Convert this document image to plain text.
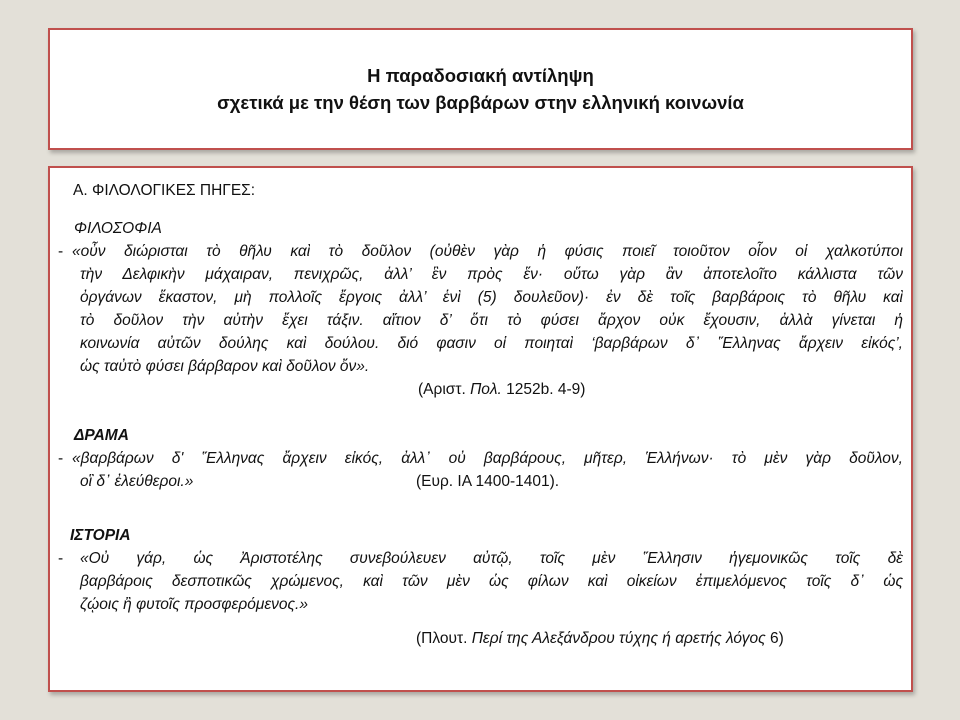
Η παραδοσιακή αντίληψη
σχετικά με την θέση των βαρβάρων στην ελληνική κοινωνία
Α. ΦΙΛΟΛΟΓΙΚΕΣ ΠΗΓΕΣ:
ΦΙΛΟΣΟΦΙΑ
- «οὖν διώρισται τὸ θῆλυ καὶ τὸ δοῦλον (οὐθὲν γὰρ ἡ φύσις ποιεῖ τοιοῦτον οἷον οἱ χαλκοτύποι
τὴν Δελφικὴν μάχαιραν, πενιχρῶς, ἀλλ’ ἓν πρὸς ἕν· οὕτω γὰρ ἂν ἀποτελοῖτο κάλλιστα τῶν
ὀργάνων ἕκαστον, μὴ πολλοῖς ἔργοις ἀλλ’ ἑνὶ (5) δουλεῦον)· ἐν δὲ τοῖς βαρβάροις τὸ θῆλυ καὶ
τὸ δοῦλον τὴν αὐτὴν ἔχει τάξιν. αἴτιον δ’ ὅτι τὸ φύσει ἄρχον οὐκ ἔχουσιν, ἀλλὰ γίνεται ἡ
κοινωνία αὐτῶν δούλης καὶ δούλου. διό φασιν οἱ ποιηταὶ ‘βαρβάρων δ᾽ Ἕλληνας ἄρχειν εἰκός’,
ὡς ταὐτὸ φύσει βάρβαρον καὶ δοῦλον ὄν».
(Αριστ. Πολ. 1252b. 4-9)
ΔΡΑΜΑ
- «βαρβάρων δ' Ἕλληνας ἄρχειν εἰκός, ἀλλ᾽ οὐ βαρβάρους, μῆτερ, Ἑλλήνων· τὸ μὲν γὰρ δοῦλον,
οἳ δ᾽ ἐλεύθεροι.»	(Ευρ. ΙΑ 1400-1401).
ΙΣΤΟΡΙΑ
- «Οὐ γάρ, ὡς Ἀριστοτέλης συνεβούλευεν αὐτῷ, τοῖς μὲν Ἕλλησιν ἡγεμονικῶς τοῖς δὲ
βαρβάροις δεσποτικῶς χρώμενος, καὶ τῶν μὲν ὡς φίλων καὶ οἰκείων ἐπιμελόμενος τοῖς δ᾽ ὡς
ζῴοις ἢ φυτοῖς προσφερόμενος.»
(Πλουτ. Περί της Αλεξάνδρου τύχης ή αρετής λόγος 6)
